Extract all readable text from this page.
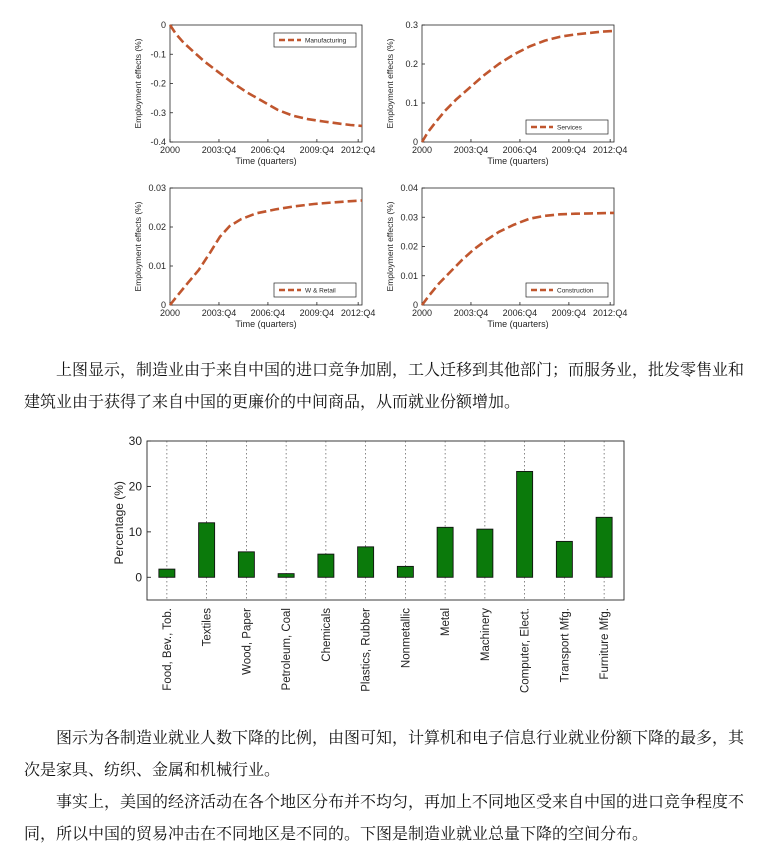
0
-0.1
-0.2
-0.3
-0.4
2000 2003:Q4 2006:Q4 2009:Q4 2012:Q4
Time (quarters)
Employment effects (%)	Manufacturing
0
0.1
0.2
0.3
2000 2003:Q4 2006:Q4 2009:Q4 2012:Q4
Time (quarters)
Employment effects (%)	Services
0
0.01
0.02
0.03
2000 2003:Q4 2006:Q4 2009:Q4 2012:Q4
Time (quarters)
Employment effects (%)	W & Retail
0
0.01
0.02
0.03
0.04
2000 2003:Q4 2006:Q4 2009:Q4 2012:Q4
Time (quarters)
Employment effects (%)	Construction
0
10
20
30
Percentage (%)
Food, Bev., Tob. Textiles Wood, Paper Petroleum, Coal Chemicals Plastics, Rubber Nonmetallic Metal Machinery Computer, Elect. Transport Mfg. Furniture Mfg.

上图显示，制造业由于来自中国的进口竞争加剧，工人迁移到其他部门；而服务业，批发零售业和建筑业由于获得了来自中国的更廉价的中间商品，从而就业份额增加。

图示为各制造业就业人数下降的比例，由图可知，计算机和电子信息行业就业份额下降的最多，其次是家具、纺织、金属和机械行业。

事实上，美国的经济活动在各个地区分布并不均匀，再加上不同地区受来自中国的进口竞争程度不同，所以中国的贸易冲击在不同地区是不同的。下图是制造业就业总量下降的空间分布。
